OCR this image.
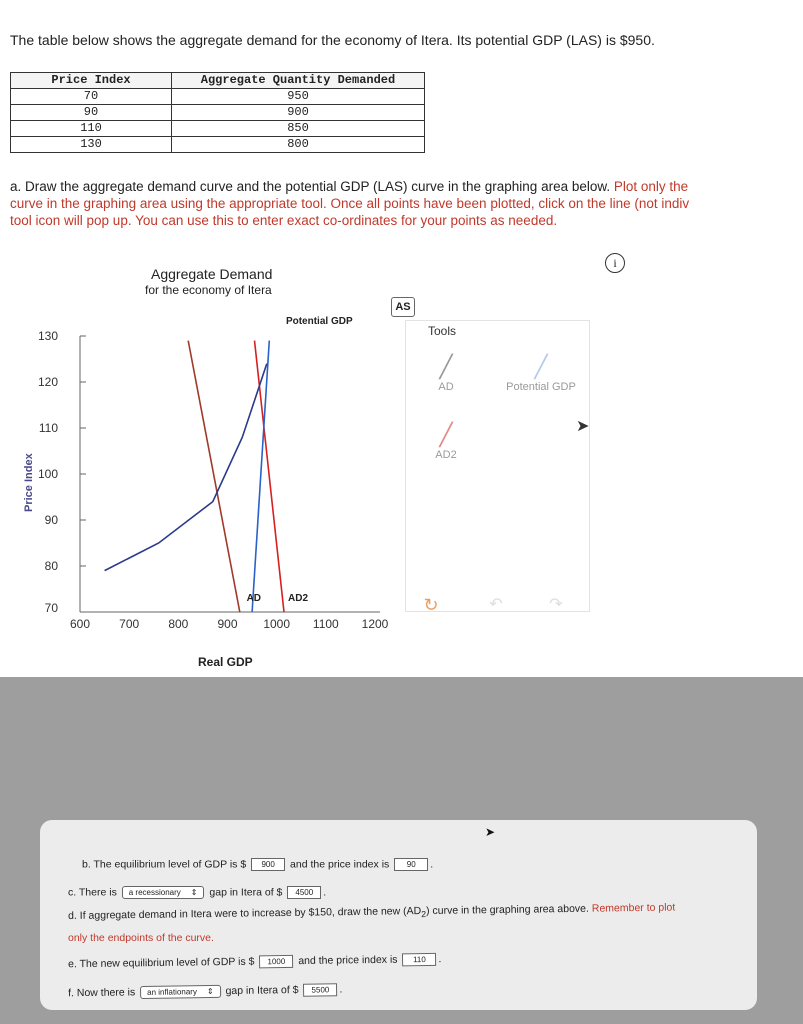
The table below shows the aggregate demand for the economy of Itera. Its potential GDP (LAS) is $950.
Price Index	Aggregate Quantity Demanded
70	950
90	900
110	850
130	800
a. Draw the aggregate demand curve and the potential GDP (LAS) curve in the graphing area below. Plot only the
curve in the graphing area using the appropriate tool. Once all points have been plotted, click on the line (not indiv
tool icon will pop up. You can use this to enter exact co-ordinates for your points as needed.
i
Aggregate Demand
for the economy of Itera
Real GDP
Price Index
70
80
90
100
110
120
130
600 700 800 900 1000 1100 1200
AD	AD2
Potential GDP
AS
Tools
╱
AD
╱
Potential GDP
╱
AD2
↻	↶	↷
➤
➤
b. The equilibrium level of GDP is $ 900 and the price index is 90 .
c. There is a recessionary ⇕ gap in Itera of $ 4500 .
d. If aggregate demand in Itera were to increase by $150, draw the new $(AD_2)$ curve in the graphing area above. Remember to plot
only the endpoints of the curve.
e. The new equilibrium level of GDP is $ 1000 and the price index is 110 .
f. Now there is an inflationary ⇕ gap in Itera of $ 5500 .
